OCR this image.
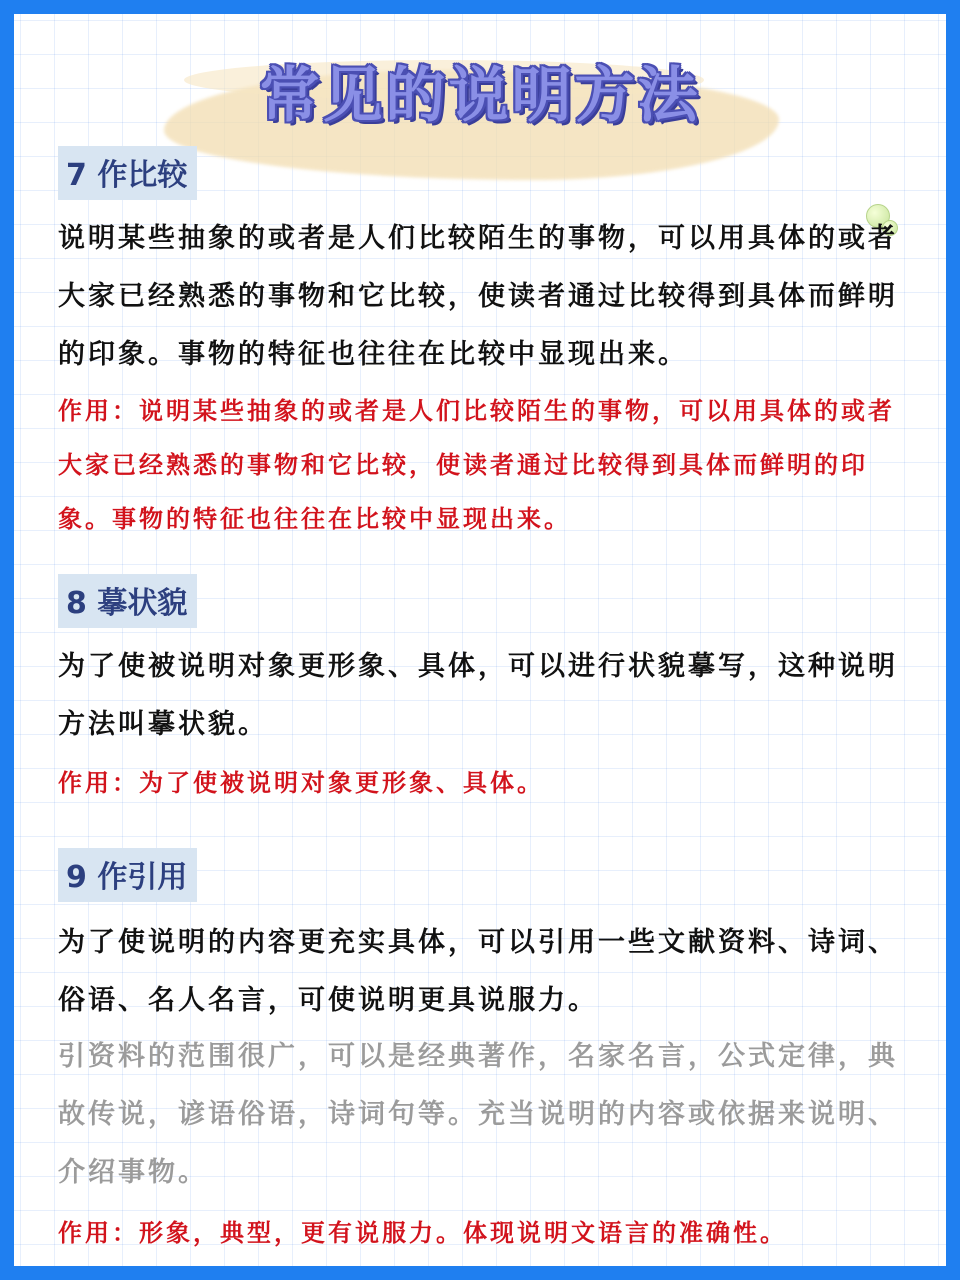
常见的说明方法
7 作比较

说明某些抽象的或者是人们比较陌生的事物，可以用具体的或者大家已经熟悉的事物和它比较，使读者通过比较得到具体而鲜明的印象。事物的特征也往往在比较中显现出来。

作用：说明某些抽象的或者是人们比较陌生的事物，可以用具体的或者大家已经熟悉的事物和它比较，使读者通过比较得到具体而鲜明的印象。事物的特征也往往在比较中显现出来。

8 摹状貌

为了使被说明对象更形象、具体，可以进行状貌摹写，这种说明方法叫摹状貌。

作用：为了使被说明对象更形象、具体。

9 作引用

为了使说明的内容更充实具体，可以引用一些文献资料、诗词、俗语、名人名言，可使说明更具说服力。

引资料的范围很广，可以是经典著作，名家名言，公式定律，典故传说，谚语俗语，诗词句等。充当说明的内容或依据来说明、介绍事物。

作用：形象，典型，更有说服力。体现说明文语言的准确性。
